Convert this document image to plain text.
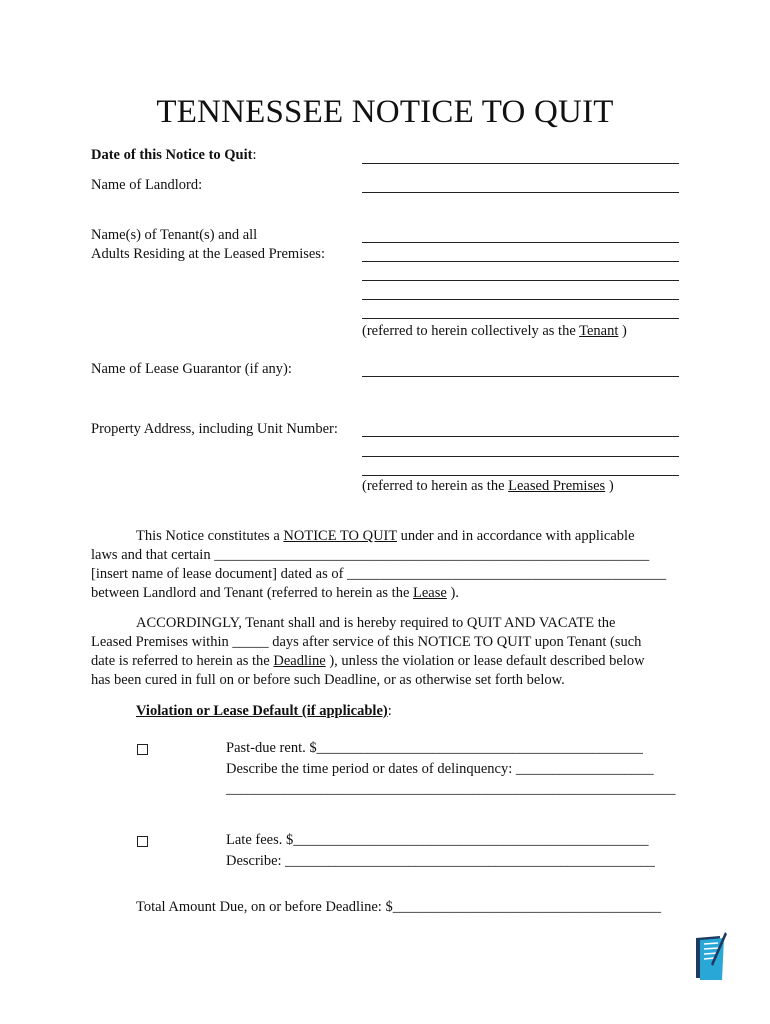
TENNESSEE NOTICE TO QUIT
Date of this Notice to Quit:
Name of Landlord:
Name(s) of Tenant(s) and all
Adults Residing at the Leased Premises:
(referred to herein collectively as the Tenant )
Name of Lease Guarantor (if any):
Property Address, including Unit Number:
(referred to herein as the Leased Premises )
This Notice constitutes a NOTICE TO QUIT under and in accordance with applicable
laws and that certain ____________________________________________________________
[insert name of lease document] dated as of ____________________________________________
between Landlord and Tenant (referred to herein as the Lease ).
ACCORDINGLY, Tenant shall and is hereby required to QUIT AND VACATE the
Leased Premises within _____ days after service of this NOTICE TO QUIT upon Tenant (such
date is referred to herein as the Deadline ), unless the violation or lease default described below
has been cured in full on or before such Deadline, or as otherwise set forth below.
Violation or Lease Default (if applicable):
Past-due rent. $_____________________________________________
Describe the time period or dates of delinquency: ___________________
______________________________________________________________
Late fees. $_________________________________________________
Describe: ___________________________________________________
Total Amount Due, on or before Deadline: $_____________________________________
